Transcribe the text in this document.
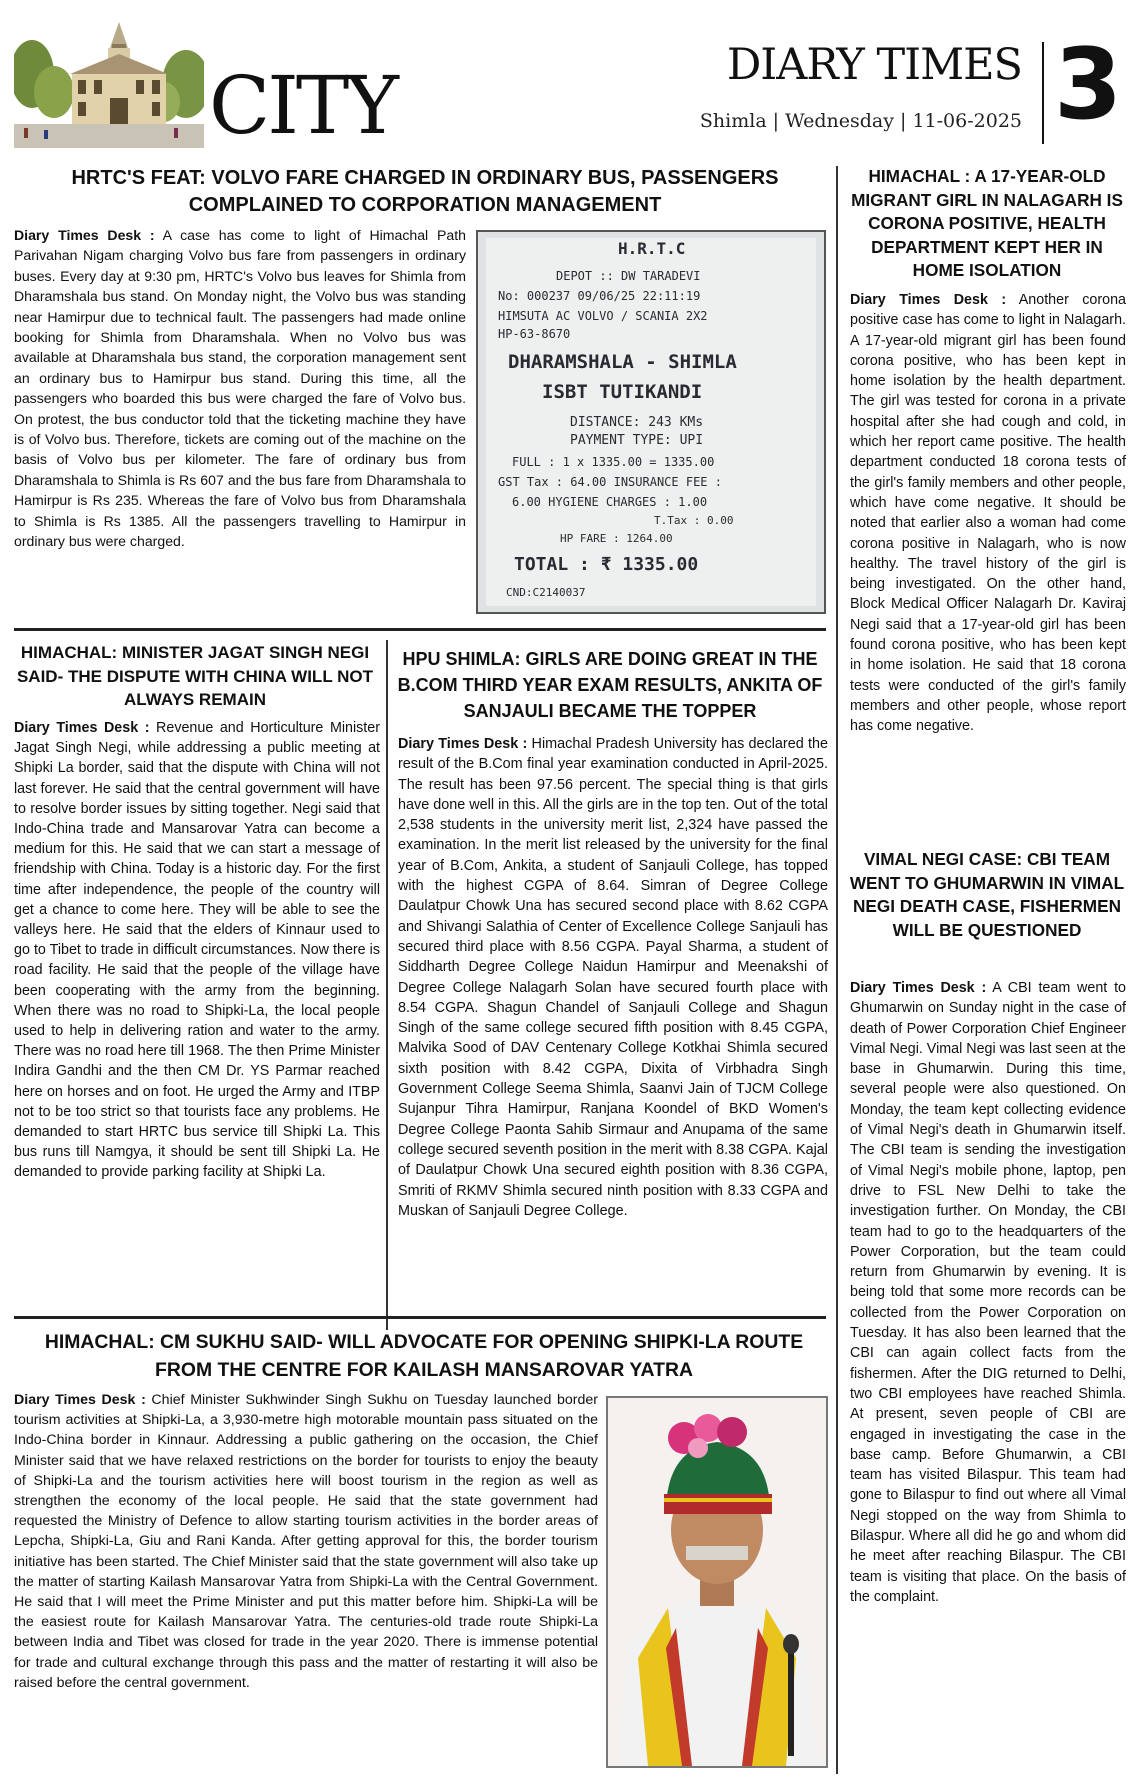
CITY	DIARY TIMES
Shimla | Wednesday | 11-06-2025 3
HRTC'S FEAT: VOLVO FARE CHARGED IN ORDINARY BUS, PASSENGERS COMPLAINED TO CORPORATION MANAGEMENT
Diary Times Desk : A case has come to light of Himachal Path Parivahan Nigam charging Volvo bus fare from passengers in ordinary buses. Every day at 9:30 pm, HRTC's Volvo bus leaves for Shimla from Dharamshala bus stand. On Monday night, the Volvo bus was standing near Hamirpur due to technical fault. The passengers had made online booking for Shimla from Dharamshala. When no Volvo bus was available at Dharamshala bus stand, the corporation management sent an ordinary bus to Hamirpur bus stand. During this time, all the passengers who boarded this bus were charged the fare of Volvo bus. On protest, the bus conductor told that the ticketing machine they have is of Volvo bus. Therefore, tickets are coming out of the machine on the basis of Volvo bus per kilometer. The fare of ordinary bus from Dharamshala to Shimla is Rs 607 and the bus fare from Dharamshala to Hamirpur is Rs 235. Whereas the fare of Volvo bus from Dharamshala to Shimla is Rs 1385. All the passengers travelling to Hamirpur in ordinary bus were charged.
H.R.T.C
DEPOT :: DW TARADEVI
No: 000237 09/06/25 22:11:19
HIMSUTA AC VOLVO / SCANIA 2X2
HP-63-8670
DHARAMSHALA - SHIMLA
ISBT TUTIKANDI
DISTANCE: 243 KMs
PAYMENT TYPE: UPI
FULL : 1 x 1335.00 = 1335.00
GST Tax : 64.00 INSURANCE FEE :
6.00 HYGIENE CHARGES : 1.00
T.Tax : 0.00
HP FARE : 1264.00
TOTAL : ₹ 1335.00
CND:C2140037
HIMACHAL : A 17-YEAR-OLD MIGRANT GIRL IN NALAGARH IS CORONA POSITIVE, HEALTH DEPARTMENT KEPT HER IN HOME ISOLATION
Diary Times Desk : Another corona positive case has come to light in Nalagarh. A 17-year-old migrant girl has been found corona positive, who has been kept in home isolation by the health department. The girl was tested for corona in a private hospital after she had cough and cold, in which her report came positive. The health department conducted 18 corona tests of the girl's family members and other people, which have come negative. It should be noted that earlier also a woman had come corona positive in Nalagarh, who is now healthy. The travel history of the girl is being investigated. On the other hand, Block Medical Officer Nalagarh Dr. Kaviraj Negi said that a 17-year-old girl has been found corona positive, who has been kept in home isolation. He said that 18 corona tests were conducted of the girl's family members and other people, whose report has come negative.
VIMAL NEGI CASE: CBI TEAM WENT TO GHUMARWIN IN VIMAL NEGI DEATH CASE, FISHERMEN WILL BE QUESTIONED
Diary Times Desk : A CBI team went to Ghumarwin on Sunday night in the case of death of Power Corporation Chief Engineer Vimal Negi. Vimal Negi was last seen at the base in Ghumarwin. During this time, several people were also questioned. On Monday, the team kept collecting evidence of Vimal Negi's death in Ghumarwin itself. The CBI team is sending the investigation of Vimal Negi's mobile phone, laptop, pen drive to FSL New Delhi to take the investigation further. On Monday, the CBI team had to go to the headquarters of the Power Corporation, but the team could return from Ghumarwin by evening. It is being told that some more records can be collected from the Power Corporation on Tuesday. It has also been learned that the CBI can again collect facts from the fishermen. After the DIG returned to Delhi, two CBI employees have reached Shimla. At present, seven people of CBI are engaged in investigating the case in the base camp. Before Ghumarwin, a CBI team has visited Bilaspur. This team had gone to Bilaspur to find out where all Vimal Negi stopped on the way from Shimla to Bilaspur. Where all did he go and whom did he meet after reaching Bilaspur. The CBI team is visiting that place. On the basis of the complaint.
HIMACHAL: MINISTER JAGAT SINGH NEGI SAID- THE DISPUTE WITH CHINA WILL NOT ALWAYS REMAIN
Diary Times Desk : Revenue and Horticulture Minister Jagat Singh Negi, while addressing a public meeting at Shipki La border, said that the dispute with China will not last forever. He said that the central government will have to resolve border issues by sitting together. Negi said that Indo-China trade and Mansarovar Yatra can become a medium for this. He said that we can start a message of friendship with China. Today is a historic day. For the first time after independence, the people of the country will get a chance to come here. They will be able to see the valleys here. He said that the elders of Kinnaur used to go to Tibet to trade in difficult circumstances. Now there is road facility. He said that the people of the village have been cooperating with the army from the beginning. When there was no road to Shipki-La, the local people used to help in delivering ration and water to the army. There was no road here till 1968. The then Prime Minister Indira Gandhi and the then CM Dr. YS Parmar reached here on horses and on foot. He urged the Army and ITBP not to be too strict so that tourists face any problems. He demanded to start HRTC bus service till Shipki La. This bus runs till Namgya, it should be sent till Shipki La. He demanded to provide parking facility at Shipki La.
HPU SHIMLA: GIRLS ARE DOING GREAT IN THE B.COM THIRD YEAR EXAM RESULTS, ANKITA OF SANJAULI BECAME THE TOPPER
Diary Times Desk : Himachal Pradesh University has declared the result of the B.Com final year examination conducted in April-2025. The result has been 97.56 percent. The special thing is that girls have done well in this. All the girls are in the top ten. Out of the total 2,538 students in the university merit list, 2,324 have passed the examination. In the merit list released by the university for the final year of B.Com, Ankita, a student of Sanjauli College, has topped with the highest CGPA of 8.64. Simran of Degree College Daulatpur Chowk Una has secured second place with 8.62 CGPA and Shivangi Salathia of Center of Excellence College Sanjauli has secured third place with 8.56 CGPA. Payal Sharma, a student of Siddharth Degree College Naidun Hamirpur and Meenakshi of Degree College Nalagarh Solan have secured fourth place with 8.54 CGPA. Shagun Chandel of Sanjauli College and Shagun Singh of the same college secured fifth position with 8.45 CGPA, Malvika Sood of DAV Centenary College Kotkhai Shimla secured sixth position with 8.42 CGPA, Dixita of Virbhadra Singh Government College Seema Shimla, Saanvi Jain of TJCM College Sujanpur Tihra Hamirpur, Ranjana Koondel of BKD Women's Degree College Paonta Sahib Sirmaur and Anupama of the same college secured seventh position in the merit with 8.38 CGPA. Kajal of Daulatpur Chowk Una secured eighth position with 8.36 CGPA, Smriti of RKMV Shimla secured ninth position with 8.33 CGPA and Muskan of Sanjauli Degree College.
HIMACHAL: CM SUKHU SAID- WILL ADVOCATE FOR OPENING SHIPKI-LA ROUTE FROM THE CENTRE FOR KAILASH MANSAROVAR YATRA
Diary Times Desk : Chief Minister Sukhwinder Singh Sukhu on Tuesday launched border tourism activities at Shipki-La, a 3,930-metre high motorable mountain pass situated on the Indo-China border in Kinnaur. Addressing a public gathering on the occasion, the Chief Minister said that we have relaxed restrictions on the border for tourists to enjoy the beauty of Shipki-La and the tourism activities here will boost tourism in the region as well as strengthen the economy of the local people. He said that the state government had requested the Ministry of Defence to allow starting tourism activities in the border areas of Lepcha, Shipki-La, Giu and Rani Kanda. After getting approval for this, the border tourism initiative has been started. The Chief Minister said that the state government will also take up the matter of starting Kailash Mansarovar Yatra from Shipki-La with the Central Government. He said that I will meet the Prime Minister and put this matter before him. Shipki-La will be the easiest route for Kailash Mansarovar Yatra. The centuries-old trade route Shipki-La between India and Tibet was closed for trade in the year 2020. There is immense potential for trade and cultural exchange through this pass and the matter of restarting it will also be raised before the central government.
